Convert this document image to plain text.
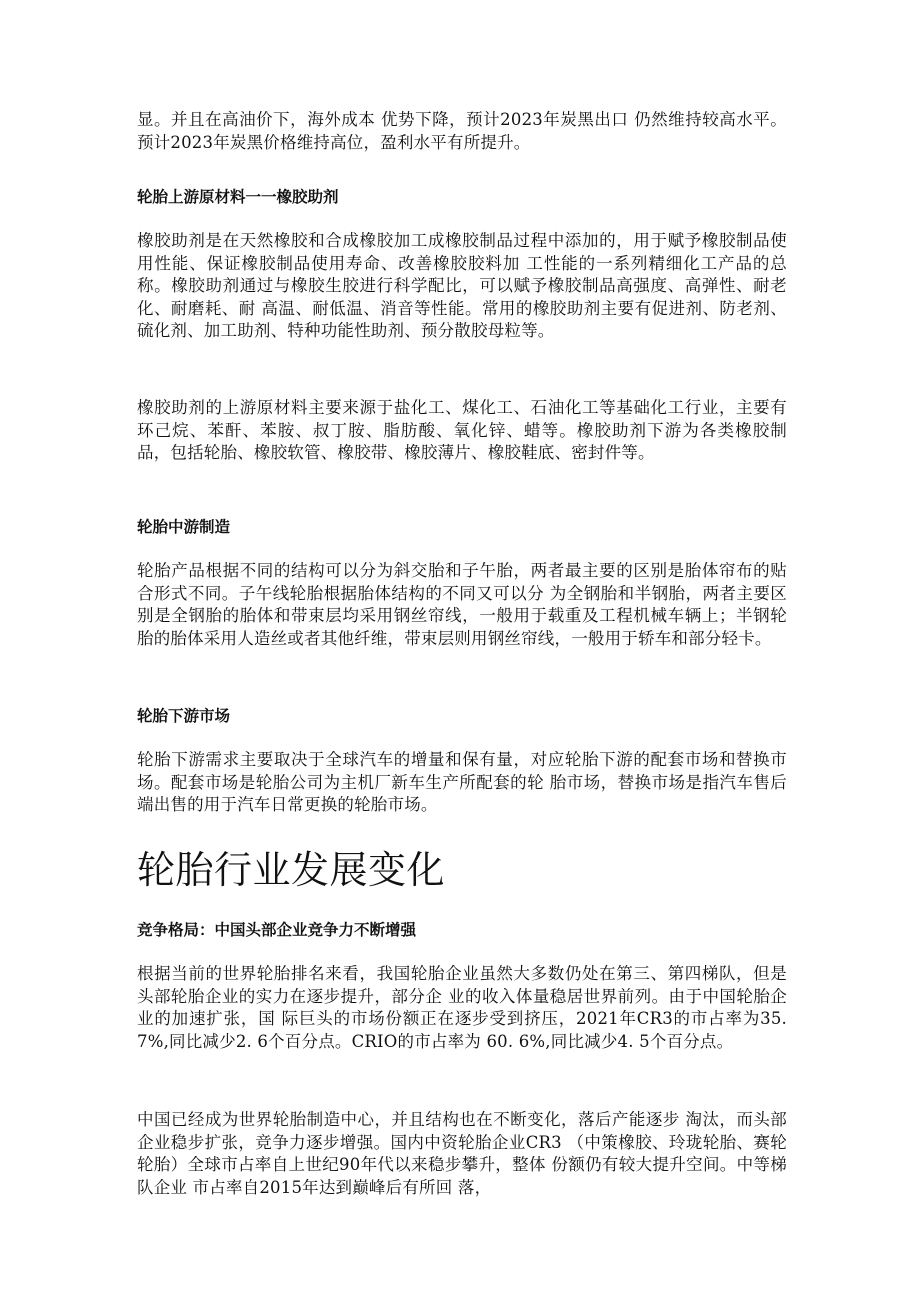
显。并且在高油价下，海外成本 优势下降，预计2023年炭黑出口 仍然维持较高水平。预计2023年炭黑价格维持高位，盈利水平有所提升。

轮胎上游原材料一一橡胶助剂

橡胶助剂是在天然橡胶和合成橡胶加工成橡胶制品过程中添加的，用于赋予橡胶制品使用性能、保证橡胶制品使用寿命、改善橡胶胶料加 工性能的一系列精细化工产品的总称。橡胶助剂通过与橡胶生胶进行科学配比，可以赋予橡胶制品高强度、高弹性、耐老化、耐磨耗、耐 高温、耐低温、消音等性能。常用的橡胶助剂主要有促进剂、防老剂、硫化剂、加工助剂、特种功能性助剂、预分散胶母粒等。

橡胶助剂的上游原材料主要来源于盐化工、煤化工、石油化工等基础化工行业，主要有环己烷、苯酐、苯胺、叔丁胺、脂肪酸、氧化锌、蜡等。橡胶助剂下游为各类橡胶制品，包括轮胎、橡胶软管、橡胶带、橡胶薄片、橡胶鞋底、密封件等。

轮胎中游制造

轮胎产品根据不同的结构可以分为斜交胎和子午胎，两者最主要的区别是胎体帘布的贴合形式不同。子午线轮胎根据胎体结构的不同又可以分 为全钢胎和半钢胎，两者主要区别是全钢胎的胎体和带束层均采用钢丝帘线，一般用于载重及工程机械车辆上；半钢轮胎的胎体采用人造丝或者其他纤维，带束层则用钢丝帘线，一般用于轿车和部分轻卡。

轮胎下游市场

轮胎下游需求主要取决于全球汽车的增量和保有量，对应轮胎下游的配套市场和替换市场。配套市场是轮胎公司为主机厂新车生产所配套的轮 胎市场，替换市场是指汽车售后端出售的用于汽车日常更换的轮胎市场。

轮胎行业发展变化
竞争格局：中国头部企业竞争力不断增强

根据当前的世界轮胎排名来看，我国轮胎企业虽然大多数仍处在第三、第四梯队，但是头部轮胎企业的实力在逐步提升，部分企 业的收入体量稳居世界前列。由于中国轮胎企业的加速扩张，国 际巨头的市场份额正在逐步受到挤压，2021年CR3的市占率为35. 7%,同比减少2. 6个百分点。CRIO的市占率为 60. 6%,同比减少4. 5个百分点。

中国已经成为世界轮胎制造中心，并且结构也在不断变化，落后产能逐步 淘汰，而头部企业稳步扩张，竞争力逐步增强。国内中资轮胎企业CR3 （中策橡胶、玲珑轮胎、赛轮轮胎）全球市占率自上世纪90年代以来稳步攀升，整体 份额仍有较大提升空间。中等梯队企业 市占率自2015年达到巅峰后有所回 落，
